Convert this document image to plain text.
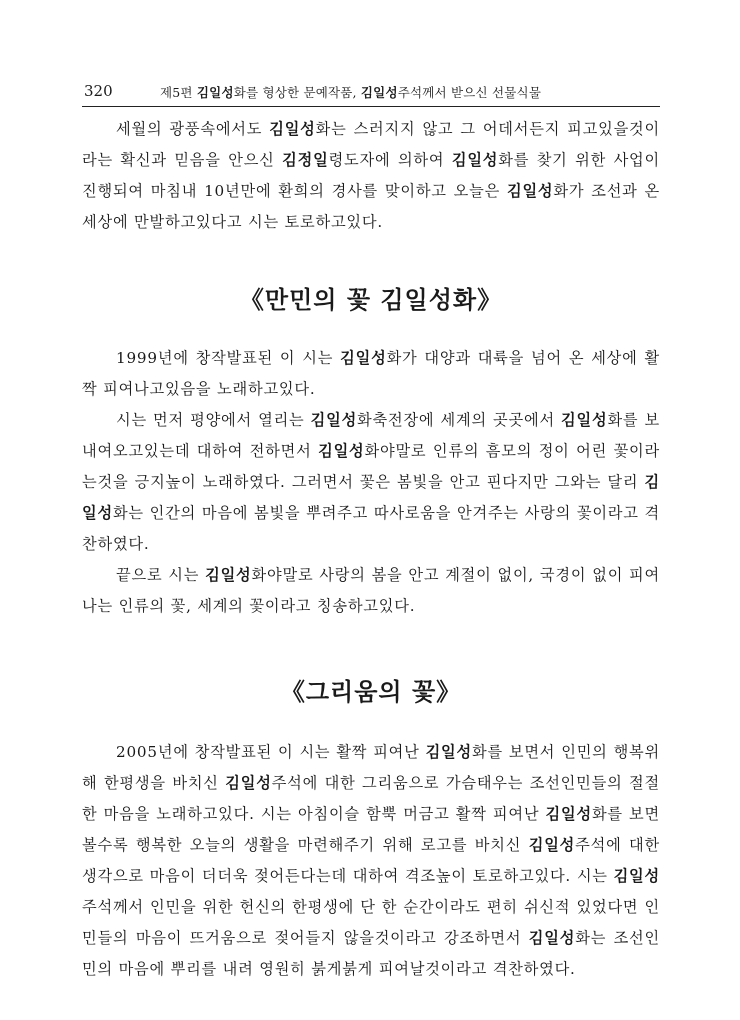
320	제5편 김일성화를 형상한 문예작품, 김일성주석께서 받으신 선물식물

세월의 광풍속에서도 김일성화는 스러지지 않고 그 어데서든지 피고있을것이라는 확신과 믿음을 안으신 김정일령도자에 의하여 김일성화를 찾기 위한 사업이 진행되여 마침내 10년만에 환희의 경사를 맞이하고 오늘은 김일성화가 조선과 온 세상에 만발하고있다고 시는 토로하고있다.

《만민의 꽃 김일성화》

1999년에 창작발표된 이 시는 김일성화가 대양과 대륙을 넘어 온 세상에 활짝 피여나고있음을 노래하고있다.

시는 먼저 평양에서 열리는 김일성화축전장에 세계의 곳곳에서 김일성화를 보내여오고있는데 대하여 전하면서 김일성화야말로 인류의 흠모의 정이 어린 꽃이라는것을 긍지높이 노래하였다. 그러면서 꽃은 봄빛을 안고 핀다지만 그와는 달리 김일성화는 인간의 마음에 봄빛을 뿌려주고 따사로움을 안겨주는 사랑의 꽃이라고 격찬하였다.

끝으로 시는 김일성화야말로 사랑의 봄을 안고 계절이 없이, 국경이 없이 피여나는 인류의 꽃, 세계의 꽃이라고 칭송하고있다.

《그리움의 꽃》

2005년에 창작발표된 이 시는 활짝 피여난 김일성화를 보면서 인민의 행복위해 한평생을 바치신 김일성주석에 대한 그리움으로 가슴태우는 조선인민들의 절절한 마음을 노래하고있다. 시는 아침이슬 함뿍 머금고 활짝 피여난 김일성화를 보면 볼수록 행복한 오늘의 생활을 마련해주기 위해 로고를 바치신 김일성주석에 대한 생각으로 마음이 더더욱 젖어든다는데 대하여 격조높이 토로하고있다. 시는 김일성주석께서 인민을 위한 헌신의 한평생에 단 한 순간이라도 편히 쉬신적 있었다면 인민들의 마음이 뜨거움으로 젖어들지 않을것이라고 강조하면서 김일성화는 조선인민의 마음에 뿌리를 내려 영원히 붉게붉게 피여날것이라고 격찬하였다.
